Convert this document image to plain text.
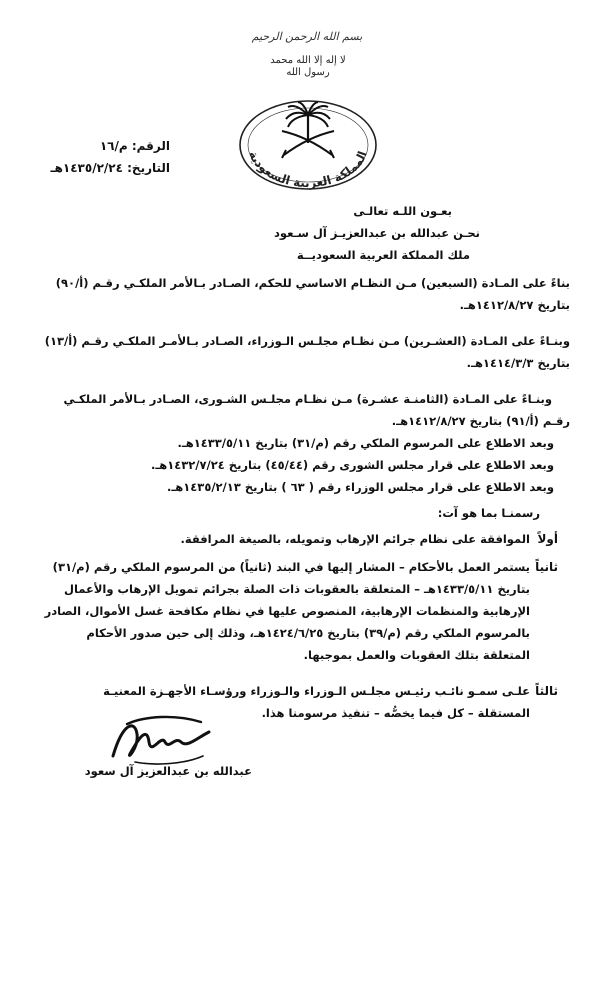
بسم الله الرحمن الرحيم
لا إله إلا الله محمد رسول الله
المملكة العربية السعودية
الرقم: م/١٦
التاريخ: ١٤٣٥/٢/٢٤هـ
بعـون اللـه تعالـى
نحـن عبدالله بن عبدالعزيـز آل سـعود
ملك المملكة العربية السعوديــة
بناءً على المـادة (السبعين) مـن النظـام الاساسي للحكم، الصـادر بـالأمر الملكـي رقـم (أ/٩٠)
بتاريخ ١٤١٢/٨/٢٧هـ.
وبنـاءً على المـادة (العشـرين) مـن نظـام مجلـس الـوزراء، الصـادر بـالأمـر الملكـي رقـم (أ/١٣)
بتاريخ ١٤١٤/٣/٣هـ.
وبنـاءً على المـادة (الثامنـة عشـرة) مـن نظـام مجلـس الشـورى، الصـادر بـالأمر الملكـي
رقـم (أ/٩١) بتاريخ ١٤١٢/٨/٢٧هـ.
وبعد الاطلاع على المرسوم الملكي رقم (م/٣١) بتاريخ ١٤٣٣/٥/١١هـ.
وبعد الاطلاع على قرار مجلس الشورى رقم (٤٥/٤٤) بتاريخ ١٤٣٢/٧/٢٤هـ.
وبعد الاطلاع على قرار مجلس الوزراء رقم ( ٦٣ ) بتاريخ ١٤٣٥/٢/١٣هـ.
رسمنـا بما هو آت:
أولاً
الموافقة على نظام جرائم الإرهاب وتمويله، بالصيغة المرافقة.
ثانياً
يستمر العمل بالأحكام – المشار إليها في البند (ثانياً) من المرسوم الملكي رقم (م/٣١)
بتاريخ ١٤٣٣/٥/١١هـ – المتعلقة بالعقوبات ذات الصلة بجرائم تمويل الإرهاب والأعمال
الإرهابية والمنظمات الإرهابية، المنصوص عليها في نظام مكافحة غسل الأموال، الصادر
بالمرسوم الملكي رقم (م/٣٩) بتاريخ ١٤٢٤/٦/٢٥هـ، وذلك إلى حين صدور الأحكام
المتعلقة بتلك العقوبات والعمل بموجبها.
ثالثاً
علـى سمـو نائـب رئيـس مجلـس الـوزراء والـوزراء ورؤسـاء الأجهـزة المعنيـة
المستقلة – كل فيما يخصُّه – تنفيذ مرسومنا هذا.
عبدالله بن عبدالعزيز آل سعود
